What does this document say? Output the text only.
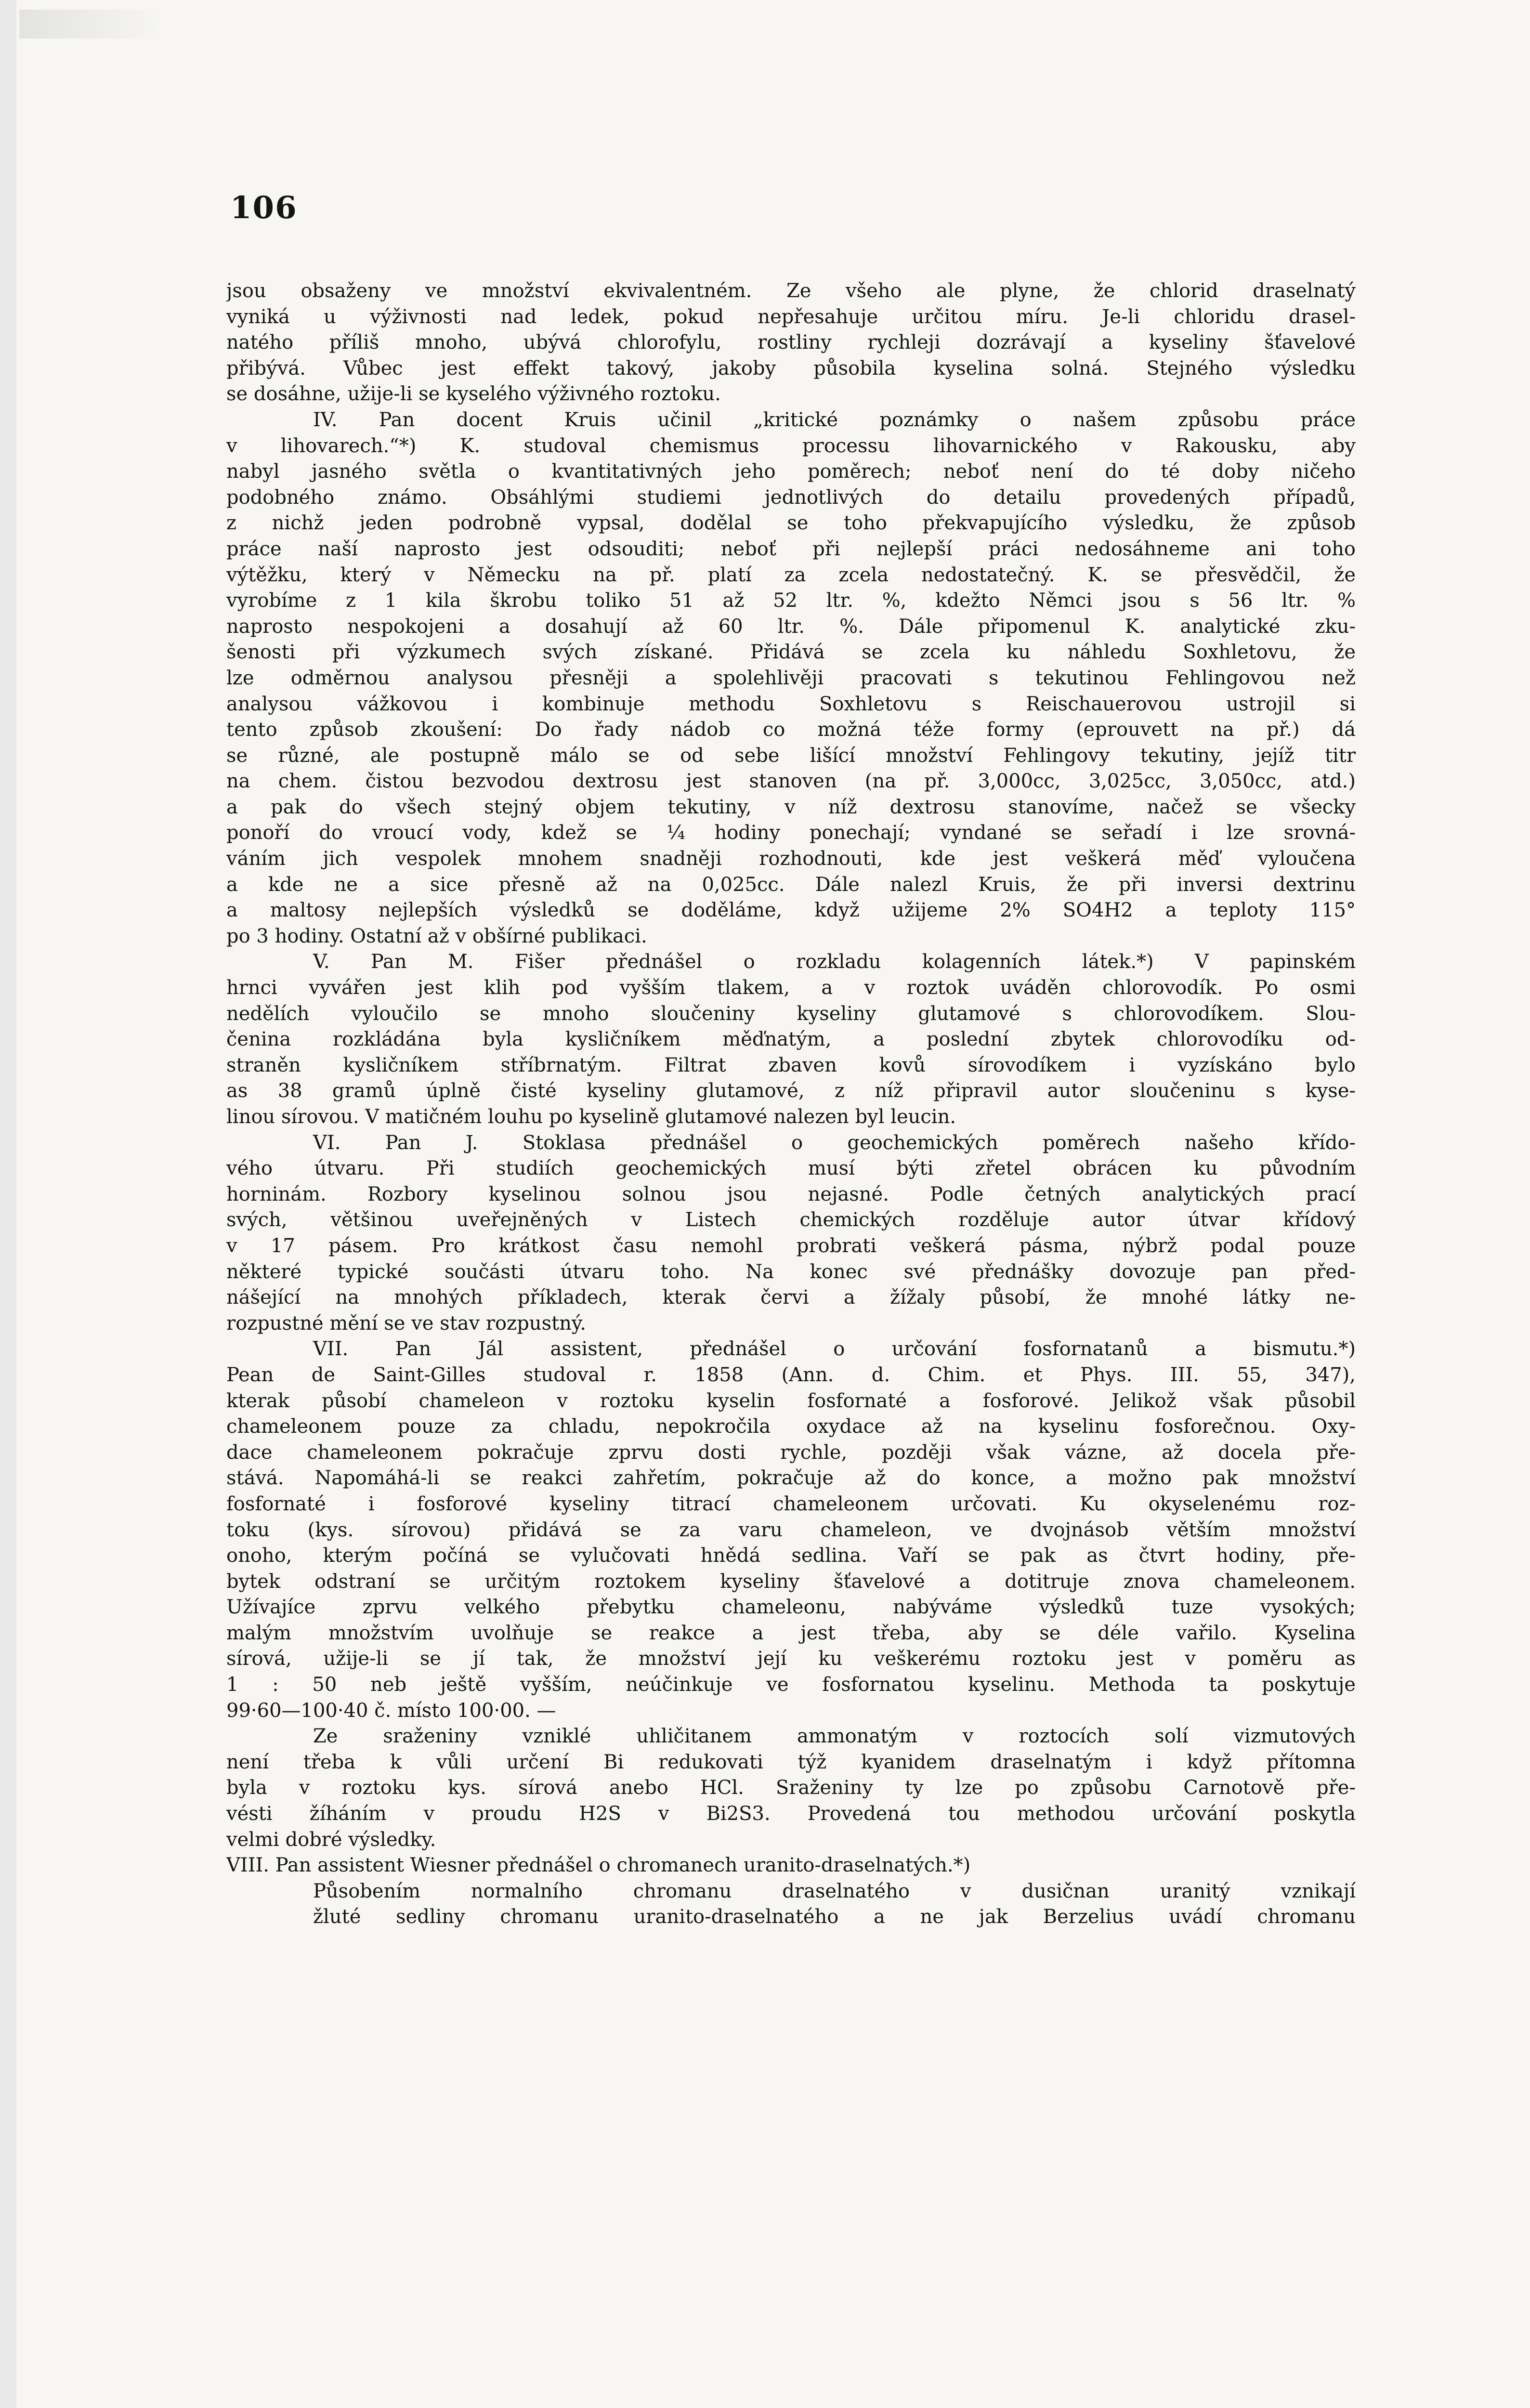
106
jsou obsaženy ve množství ekvivalentném. Ze všeho ale plyne, že chlorid draselnatý
vyniká u výživnosti nad ledek, pokud nepřesahuje určitou míru. Je-li chloridu drasel-
natého příliš mnoho, ubývá chlorofylu, rostliny rychleji dozrávají a kyseliny šťavelové
přibývá. Vůbec jest effekt takový, jakoby působila kyselina solná. Stejného výsledku
se dosáhne, užije-li se kyselého výživného roztoku.
IV. Pan docent Kruis učinil „kritické poznámky o našem způsobu práce
v lihovarech.“*) K. studoval chemismus processu lihovarnického v Rakousku, aby
nabyl jasného světla o kvantitativných jeho poměrech; neboť není do té doby ničeho
podobného známo. Obsáhlými studiemi jednotlivých do detailu provedených případů,
z nichž jeden podrobně vypsal, dodělal se toho překvapujícího výsledku, že způsob
práce naší naprosto jest odsouditi; neboť při nejlepší práci nedosáhneme ani toho
výtěžku, který v Německu na př. platí za zcela nedostatečný. K. se přesvědčil, že
vyrobíme z 1 kila škrobu toliko 51 až 52 ltr. %, kdežto Němci jsou s 56 ltr. %
naprosto nespokojeni a dosahují až 60 ltr. %. Dále připomenul K. analytické zku-
šenosti při výzkumech svých získané. Přidává se zcela ku náhledu Soxhletovu, že
lze odměrnou analysou přesněji a spolehlivěji pracovati s tekutinou Fehlingovou než
analysou vážkovou i kombinuje methodu Soxhletovu s Reischauerovou ustrojil si
tento způsob zkoušení: Do řady nádob co možná téže formy (eprouvett na př.) dá
se různé, ale postupně málo se od sebe lišící množství Fehlingovy tekutiny, jejíž titr
na chem. čistou bezvodou dextrosu jest stanoven (na př. 3,000cc, 3,025cc, 3,050cc, atd.)
a pak do všech stejný objem tekutiny, v níž dextrosu stanovíme, načež se všecky
ponoří do vroucí vody, kdež se ¼ hodiny ponechají; vyndané se seřadí i lze srovná-
váním jich vespolek mnohem snadněji rozhodnouti, kde jest veškerá měď vyloučena
a kde ne a sice přesně až na 0,025cc. Dále nalezl Kruis, že při inversi dextrinu
a maltosy nejlepších výsledků se doděláme, když užijeme 2% SO4H2 a teploty 115°
po 3 hodiny. Ostatní až v obšírné publikaci.
V. Pan M. Fišer přednášel o rozkladu kolagenních látek.*) V papinském
hrnci vyvářen jest klih pod vyšším tlakem, a v roztok uváděn chlorovodík. Po osmi
nedělích vyloučilo se mnoho sloučeniny kyseliny glutamové s chlorovodíkem. Slou-
čenina rozkládána byla kysličníkem měďnatým, a poslední zbytek chlorovodíku od-
straněn kysličníkem stříbrnatým. Filtrat zbaven kovů sírovodíkem i vyzískáno bylo
as 38 gramů úplně čisté kyseliny glutamové, z níž připravil autor sloučeninu s kyse-
linou sírovou. V matičném louhu po kyselině glutamové nalezen byl leucin.
VI. Pan J. Stoklasa přednášel o geochemických poměrech našeho křído-
vého útvaru. Při studiích geochemických musí býti zřetel obrácen ku původním
horninám. Rozbory kyselinou solnou jsou nejasné. Podle četných analytických prací
svých, většinou uveřejněných v Listech chemických rozděluje autor útvar křídový
v 17 pásem. Pro krátkost času nemohl probrati veškerá pásma, nýbrž podal pouze
některé typické součásti útvaru toho. Na konec své přednášky dovozuje pan před-
nášející na mnohých příkladech, kterak červi a žížaly působí, že mnohé látky ne-
rozpustné mění se ve stav rozpustný.
VII. Pan Jál assistent, přednášel o určování fosfornatanů a bismutu.*)
Pean de Saint-Gilles studoval r. 1858 (Ann. d. Chim. et Phys. III. 55, 347),
kterak působí chameleon v roztoku kyselin fosfornaté a fosforové. Jelikož však působil
chameleonem pouze za chladu, nepokročila oxydace až na kyselinu fosforečnou. Oxy-
dace chameleonem pokračuje zprvu dosti rychle, později však vázne, až docela pře-
stává. Napomáhá-li se reakci zahřetím, pokračuje až do konce, a možno pak množství
fosfornaté i fosforové kyseliny titrací chameleonem určovati. Ku okyselenému roz-
toku (kys. sírovou) přidává se za varu chameleon, ve dvojnásob větším množství
onoho, kterým počíná se vylučovati hnědá sedlina. Vaří se pak as čtvrt hodiny, pře-
bytek odstraní se určitým roztokem kyseliny šťavelové a dotitruje znova chameleonem.
Užívajíce zprvu velkého přebytku chameleonu, nabýváme výsledků tuze vysokých;
malým množstvím uvolňuje se reakce a jest třeba, aby se déle vařilo. Kyselina
sírová, užije-li se jí tak, že množství její ku veškerému roztoku jest v poměru as
1 : 50 neb ještě vyšším, neúčinkuje ve fosfornatou kyselinu. Methoda ta poskytuje
99·60—100·40 č. místo 100·00. —
Ze sraženiny vzniklé uhličitanem ammonatým v roztocích solí vizmutových
není třeba k vůli určení Bi redukovati týž kyanidem draselnatým i když přítomna
byla v roztoku kys. sírová anebo HCl. Sraženiny ty lze po způsobu Carnotově pře-
vésti žíháním v proudu H2S v Bi2S3. Provedená tou methodou určování poskytla
velmi dobré výsledky.
VIII. Pan assistent Wiesner přednášel o chromanech uranito-draselnatých.*)
Působením normalního chromanu draselnatého v dusičnan uranitý vznikají
žluté sedliny chromanu uranito-draselnatého a ne jak Berzelius uvádí chromanu
